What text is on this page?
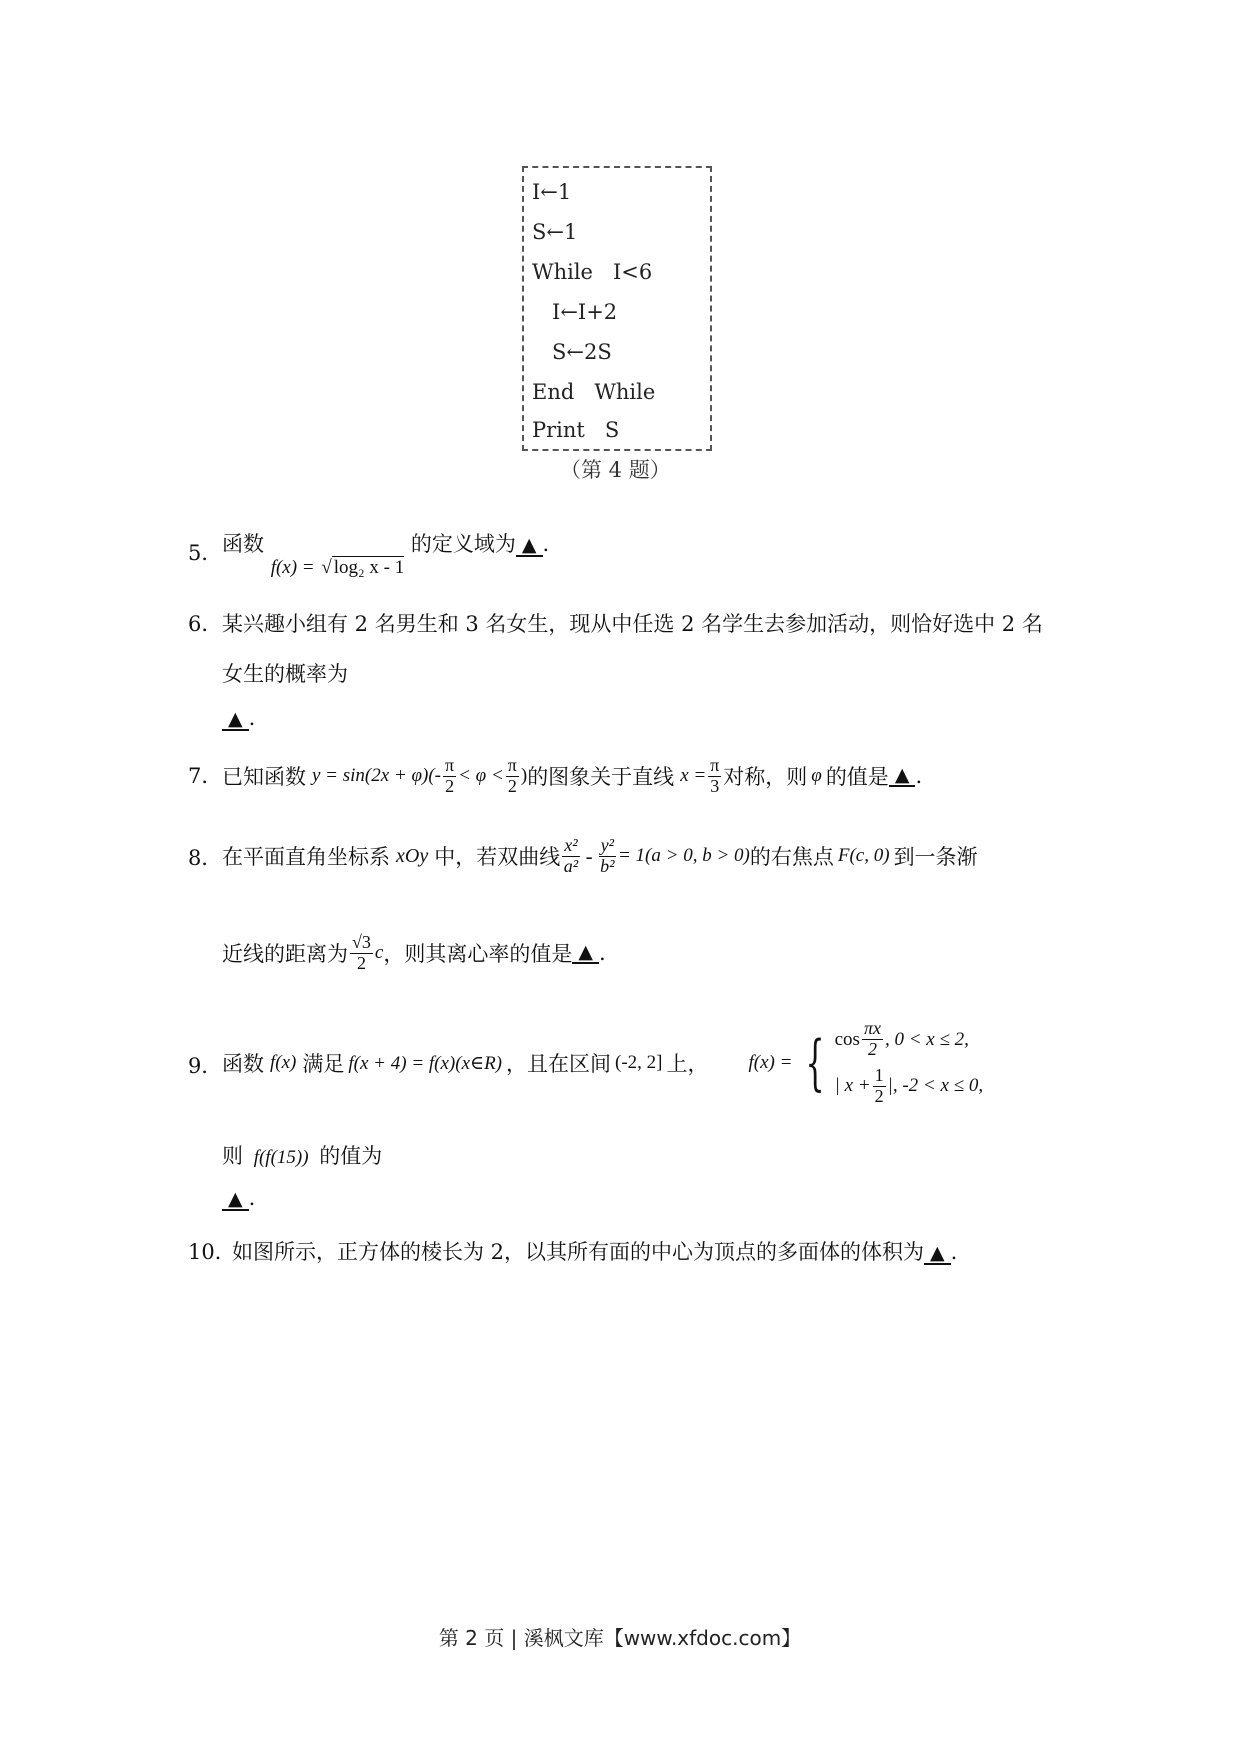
I←1
S←1
While   I<6
I←I+2
S←2S
End   While
Print   S
（第 4 题）
5． 函数 f(x) = √ log₂ x - 1 的定义域为 ▲ .
6． 某兴趣小组有 2 名男生和 3 名女生，现从中任选 2 名学生去参加活动，则恰好选中 2 名
女生的概率为
▲ .
7． 已知函数 $y = \sin(2x + \varphi)(- \frac{\pi}{2} < \varphi < \frac{\pi}{2}$ ) 的图象关于直线 $x = \frac{\pi}{3}$ 对称，则 φ 的值是 ▲ .
8． 在平面直角坐标系 xOy 中，若双曲线 $\frac{\text{x²}}{\text{a²}} - \frac{\text{y²}}{\text{b²}} = 1(a > 0$, b > 0) 的右焦点 F(c, 0) 到一条渐
近线的距离为 $\frac{√3}{2}$ c ，则其离心率的值是 ▲ .
9． 函数 f(x) 满足 f(x + 4) = f(x)(x∈R) ，且在区间 (-2, 2] 上， f(x) = { $\cos \frac{\pi x}{2}$ , 0 < x ≤ 2,
| $x + \frac{1}{2}$ |, -2 < x ≤ 0,
则 f(f(15)) 的值为
▲ .
10．
如图所示，正方体的棱长为 2，以其所有面的中心为顶点的多面体的体积为 ▲ .
第 2 页 | 溪枫文库【www.xfdoc.com】
